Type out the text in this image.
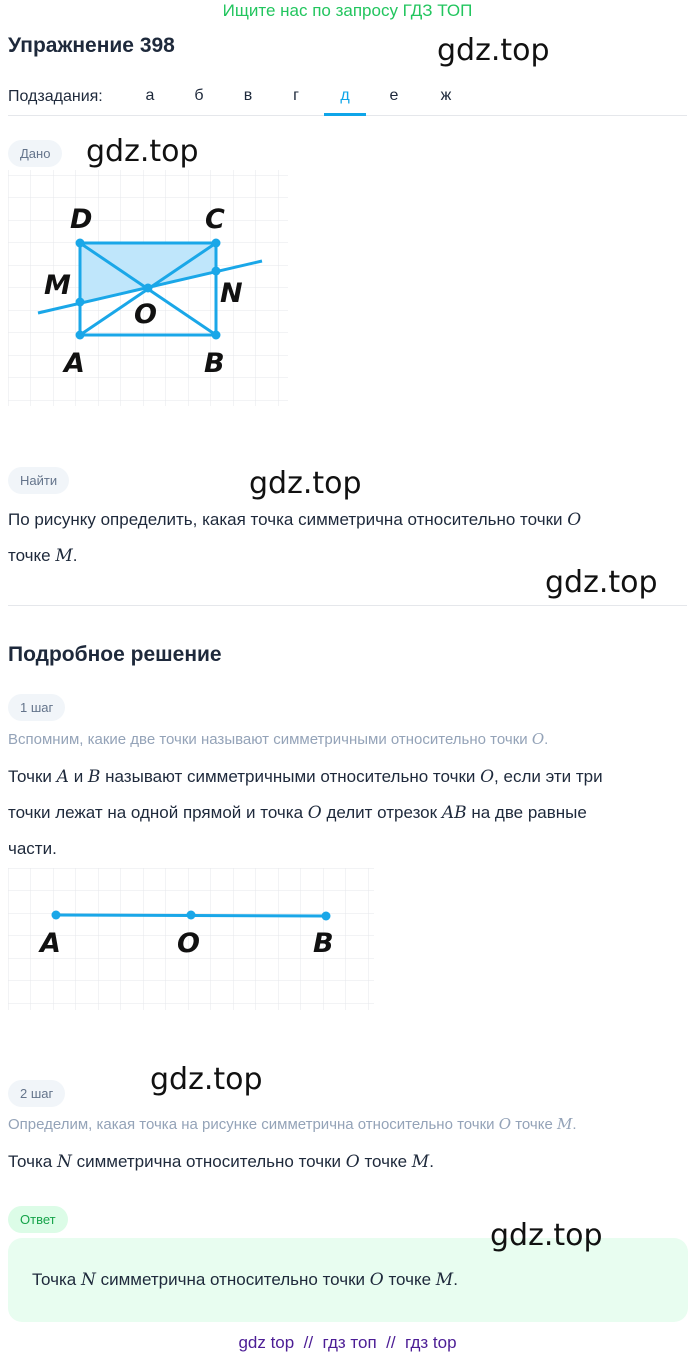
Ищите нас по запросу ГДЗ ТОП
Упражнение 398	gdz.top
Подзадания:	а	б	в	г	д	е	ж
Дано	gdz.top
D	C
M	N
O
A	B
Найти	gdz.top
По рисунку определить, какая точка симметрична относительно точки O
точке M.
gdz.top
Подробное решение
1 шаг
Вспомним, какие две точки называют симметричными относительно точки O.
Точки A и B называют симметричными относительно точки O, если эти три
точки лежат на одной прямой и точка O делит отрезок AB на две равные
части.
A	O	B
gdz.top
2 шаг
Определим, какая точка на рисунке симметрична относительно точки O точке M.
Точка N симметрична относительно точки O точке M.
Ответ	gdz.top
Точка N симметрична относительно точки O точке M.
gdz top  //  гдз топ  //  гдз top
